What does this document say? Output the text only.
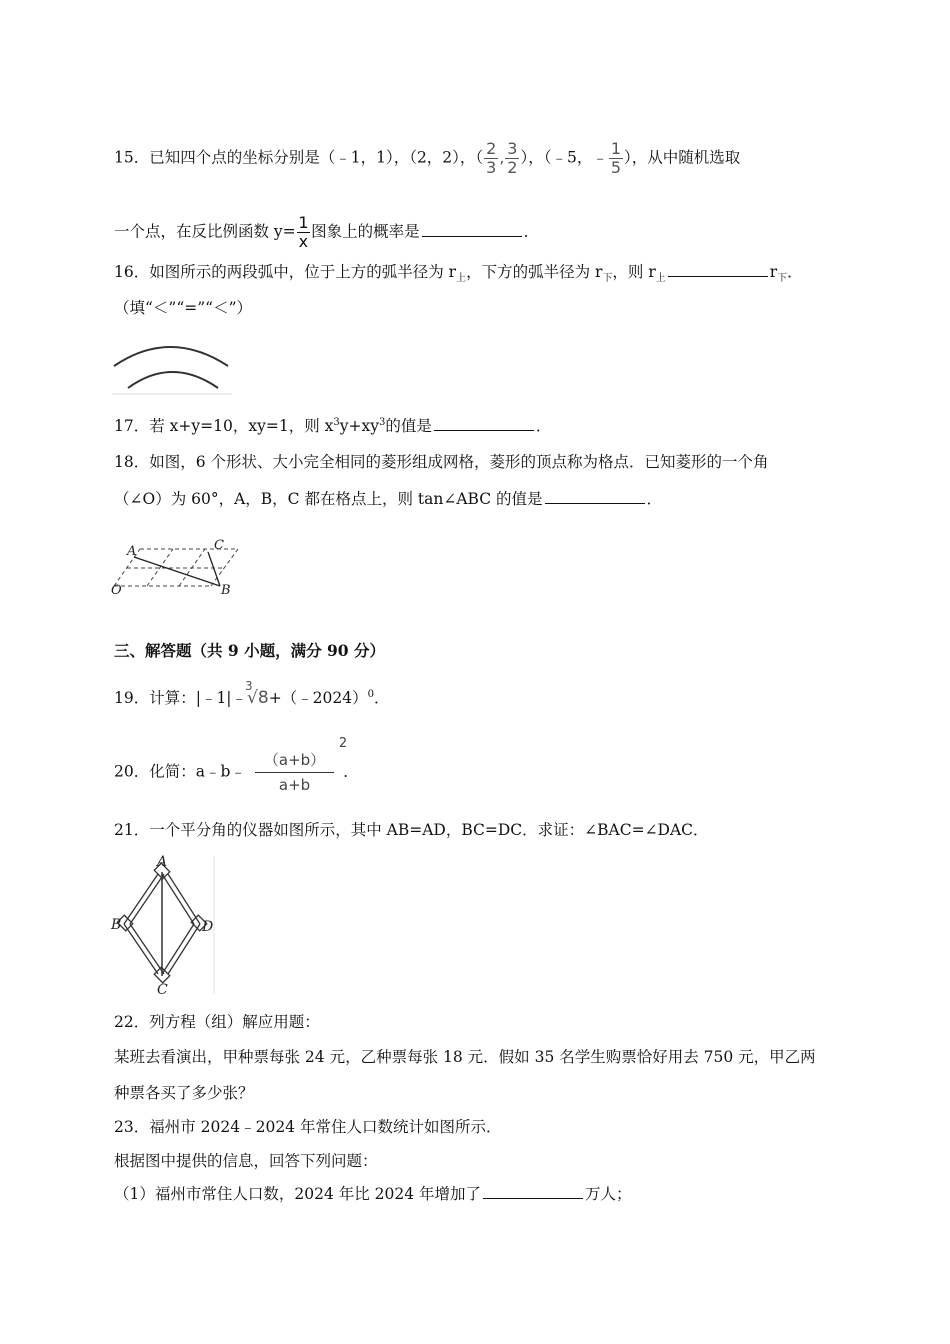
15．已知四个点的坐标分别是（﹣1，1），（2，2），（ $\frac{2}{3}$ , $\frac{3}{2}$ ），（﹣5，﹣ $\frac{1}{5}$ ），从中随机选取
一个点，在反比例函数 $y= \frac{1}{x}$ 图象上的概率是	．
16．如图所示的两段弧中，位于上方的弧半径为 $r_上$，下方的弧半径为 $r_下$，则 $r_上$	$r_下$．
（填“＜”“=”“＜”）
17．若 x+y=10，xy=1，则 $x^3y+xy^3$的值是	．
18．如图，6 个形状、大小完全相同的菱形组成网格，菱形的顶点称为格点．已知菱形的一个角
（∠O）为 60°，A，B，C 都在格点上，则 tan∠ABC 的值是	．
A	C
O	B
三、解答题（共 9 小题，满分 90 分）
19．计算：|﹣1|﹣
3
√8+（﹣2024）$^0$．
20．化简：a﹣b﹣ （a+b）
2
a+b ．
21．一个平分角的仪器如图所示，其中 AB=AD，BC=DC．求证：∠BAC=∠DAC．
A
B	D
C
22．列方程（组）解应用题：
某班去看演出，甲种票每张 24 元，乙种票每张 18 元．假如 35 名学生购票恰好用去 750 元，甲乙两
种票各买了多少张？
23．福州市 2024﹣2024 年常住人口数统计如图所示．
根据图中提供的信息，回答下列问题：
（1）福州市常住人口数，2024 年比 2024 年增加了	万人；
